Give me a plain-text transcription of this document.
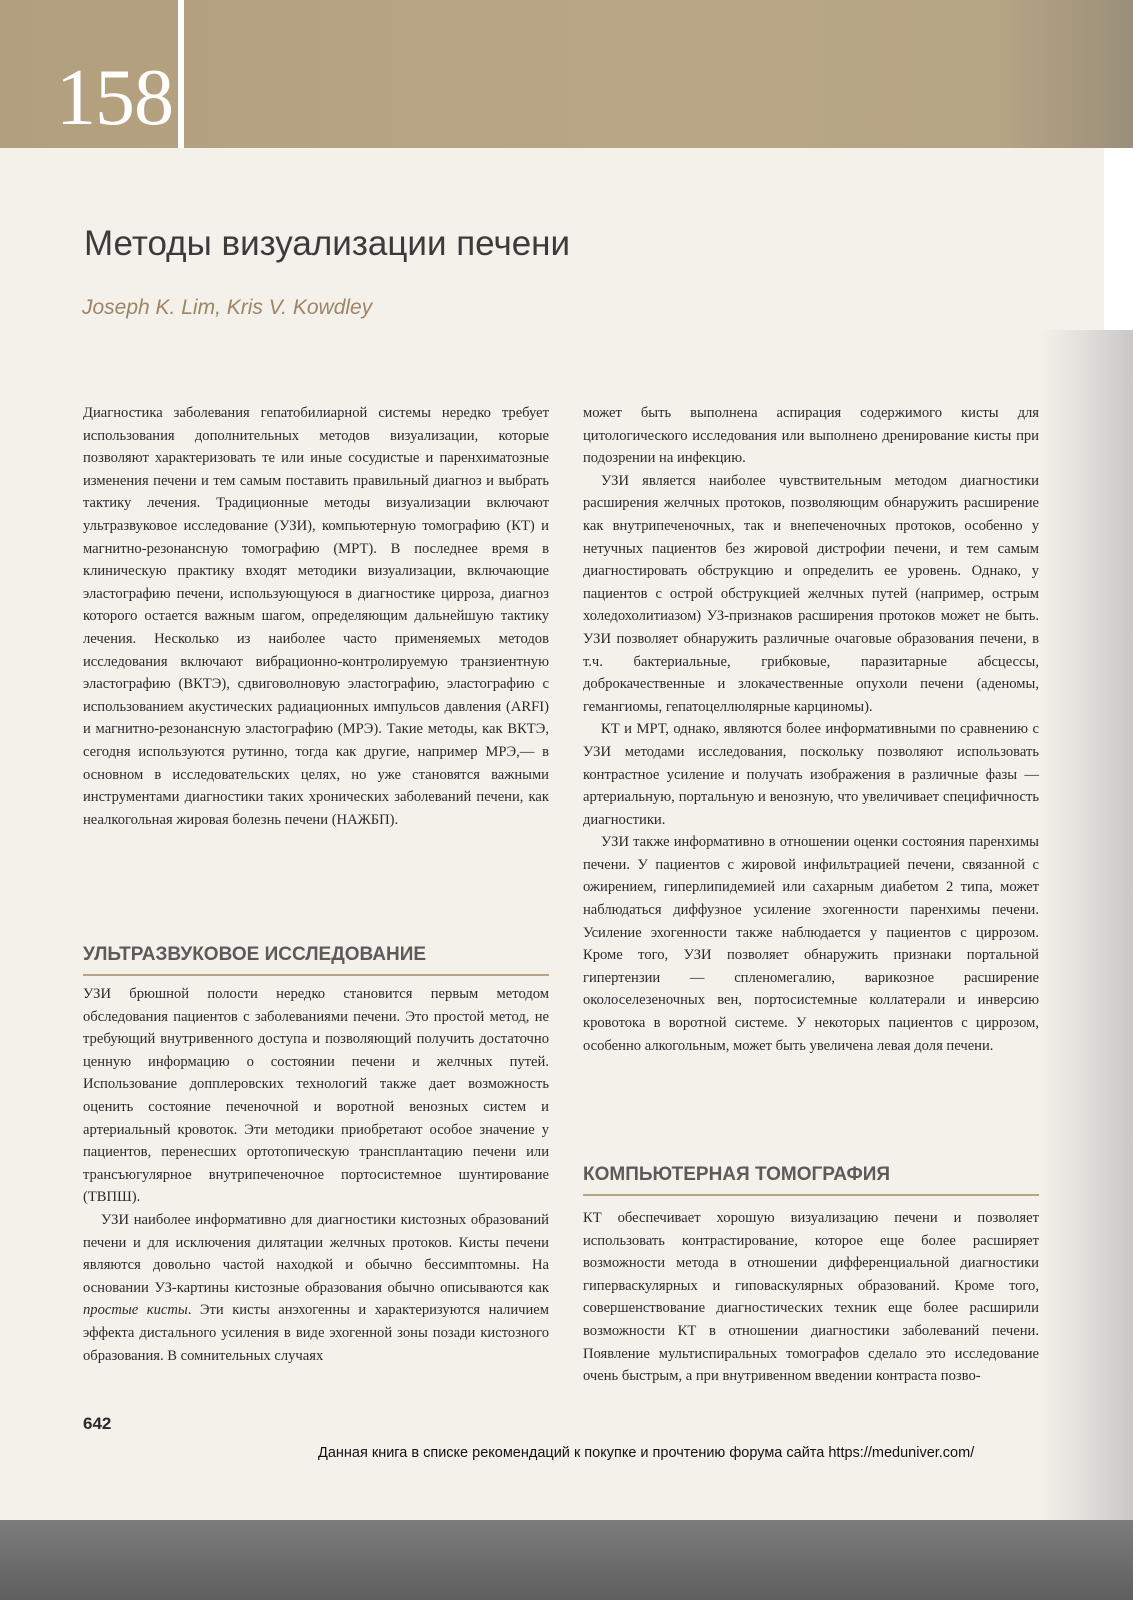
158
Методы визуализации печени
Joseph K. Lim, Kris V. Kowdley

Диагностика заболевания гепатобилиарной системы нередко требует использования дополнительных методов визуализации, которые позволяют характеризовать те или иные сосудистые и паренхиматозные изменения печени и тем самым поставить правильный диагноз и выбрать тактику лечения. Традиционные методы визуализации включают ультразвуковое исследование (УЗИ), компьютерную томографию (КТ) и магнитно-резонансную томографию (МРТ). В последнее время в клиническую практику входят методики визуализации, включающие эластографию печени, использующуюся в диагностике цирроза, диагноз которого остается важным шагом, определяющим дальнейшую тактику лечения. Несколько из наиболее часто применяемых методов исследования включают вибрационно-контролируемую транзиентную эластографию (ВКТЭ), сдвиговолновую эластографию, эластографию с использованием акустических радиационных импульсов давления (ARFI) и магнитно-резонансную эластографию (МРЭ). Такие методы, как ВКТЭ, сегодня используются рутинно, тогда как другие, например МРЭ,— в основном в исследовательских целях, но уже становятся важными инструментами диагностики таких хронических заболеваний печени, как неалкогольная жировая болезнь печени (НАЖБП).

УЛЬТРАЗВУКОВОЕ ИССЛЕДОВАНИЕ

УЗИ брюшной полости нередко становится первым методом обследования пациентов с заболеваниями печени. Это простой метод, не требующий внутривенного доступа и позволяющий получить достаточно ценную информацию о состоянии печени и желчных путей. Использование допплеровских технологий также дает возможность оценить состояние печеночной и воротной венозных систем и артериальный кровоток. Эти методики приобретают особое значение у пациентов, перенесших ортотопическую трансплантацию печени или трансъюгулярное внутрипеченочное портосистемное шунтирование (ТВПШ).

УЗИ наиболее информативно для диагностики кистозных образований печени и для исключения дилятации желчных протоков. Кисты печени являются довольно частой находкой и обычно бессимптомны. На основании УЗ-картины кистозные образования обычно описываются как простые кисты. Эти кисты анэхогенны и характеризуются наличием эффекта дистального усиления в виде эхогенной зоны позади кистозного образования. В сомнительных случаях

может быть выполнена аспирация содержимого кисты для цитологического исследования или выполнено дренирование кисты при подозрении на инфекцию.

УЗИ является наиболее чувствительным методом диагностики расширения желчных протоков, позволяющим обнаружить расширение как внутрипеченочных, так и внепеченочных протоков, особенно у нетучных пациентов без жировой дистрофии печени, и тем самым диагностировать обструкцию и определить ее уровень. Однако, у пациентов с острой обструкцией желчных путей (например, острым холедохолитиазом) УЗ-признаков расширения протоков может не быть. УЗИ позволяет обнаружить различные очаговые образования печени, в т.ч. бактериальные, грибковые, паразитарные абсцессы, доброкачественные и злокачественные опухоли печени (аденомы, гемангиомы, гепатоцеллюлярные карциномы).

КТ и МРТ, однако, являются более информативными по сравнению с УЗИ методами исследования, поскольку позволяют использовать контрастное усиление и получать изображения в различные фазы — артериальную, портальную и венозную, что увеличивает специфичность диагностики.

УЗИ также информативно в отношении оценки состояния паренхимы печени. У пациентов с жировой инфильтрацией печени, связанной с ожирением, гиперлипидемией или сахарным диабетом 2 типа, может наблюдаться диффузное усиление эхогенности паренхимы печени. Усиление эхогенности также наблюдается у пациентов с циррозом. Кроме того, УЗИ позволяет обнаружить признаки портальной гипертензии — спленомегалию, варикозное расширение околоселезеночных вен, портосистемные коллатерали и инверсию кровотока в воротной системе. У некоторых пациентов с циррозом, особенно алкогольным, может быть увеличена левая доля печени.

КОМПЬЮТЕРНАЯ ТОМОГРАФИЯ

КТ обеспечивает хорошую визуализацию печени и позволяет использовать контрастирование, которое еще более расширяет возможности метода в отношении дифференциальной диагностики гиперваскулярных и гиповаскулярных образований. Кроме того, совершенствование диагностических техник еще более расширили возможности КТ в отношении диагностики заболеваний печени. Появление мультиспиральных томографов сделало это исследование очень быстрым, а при внутривенном введении контраста позво-

642
Данная книга в списке рекомендаций к покупке и прочтению форума сайта https://meduniver.com/
